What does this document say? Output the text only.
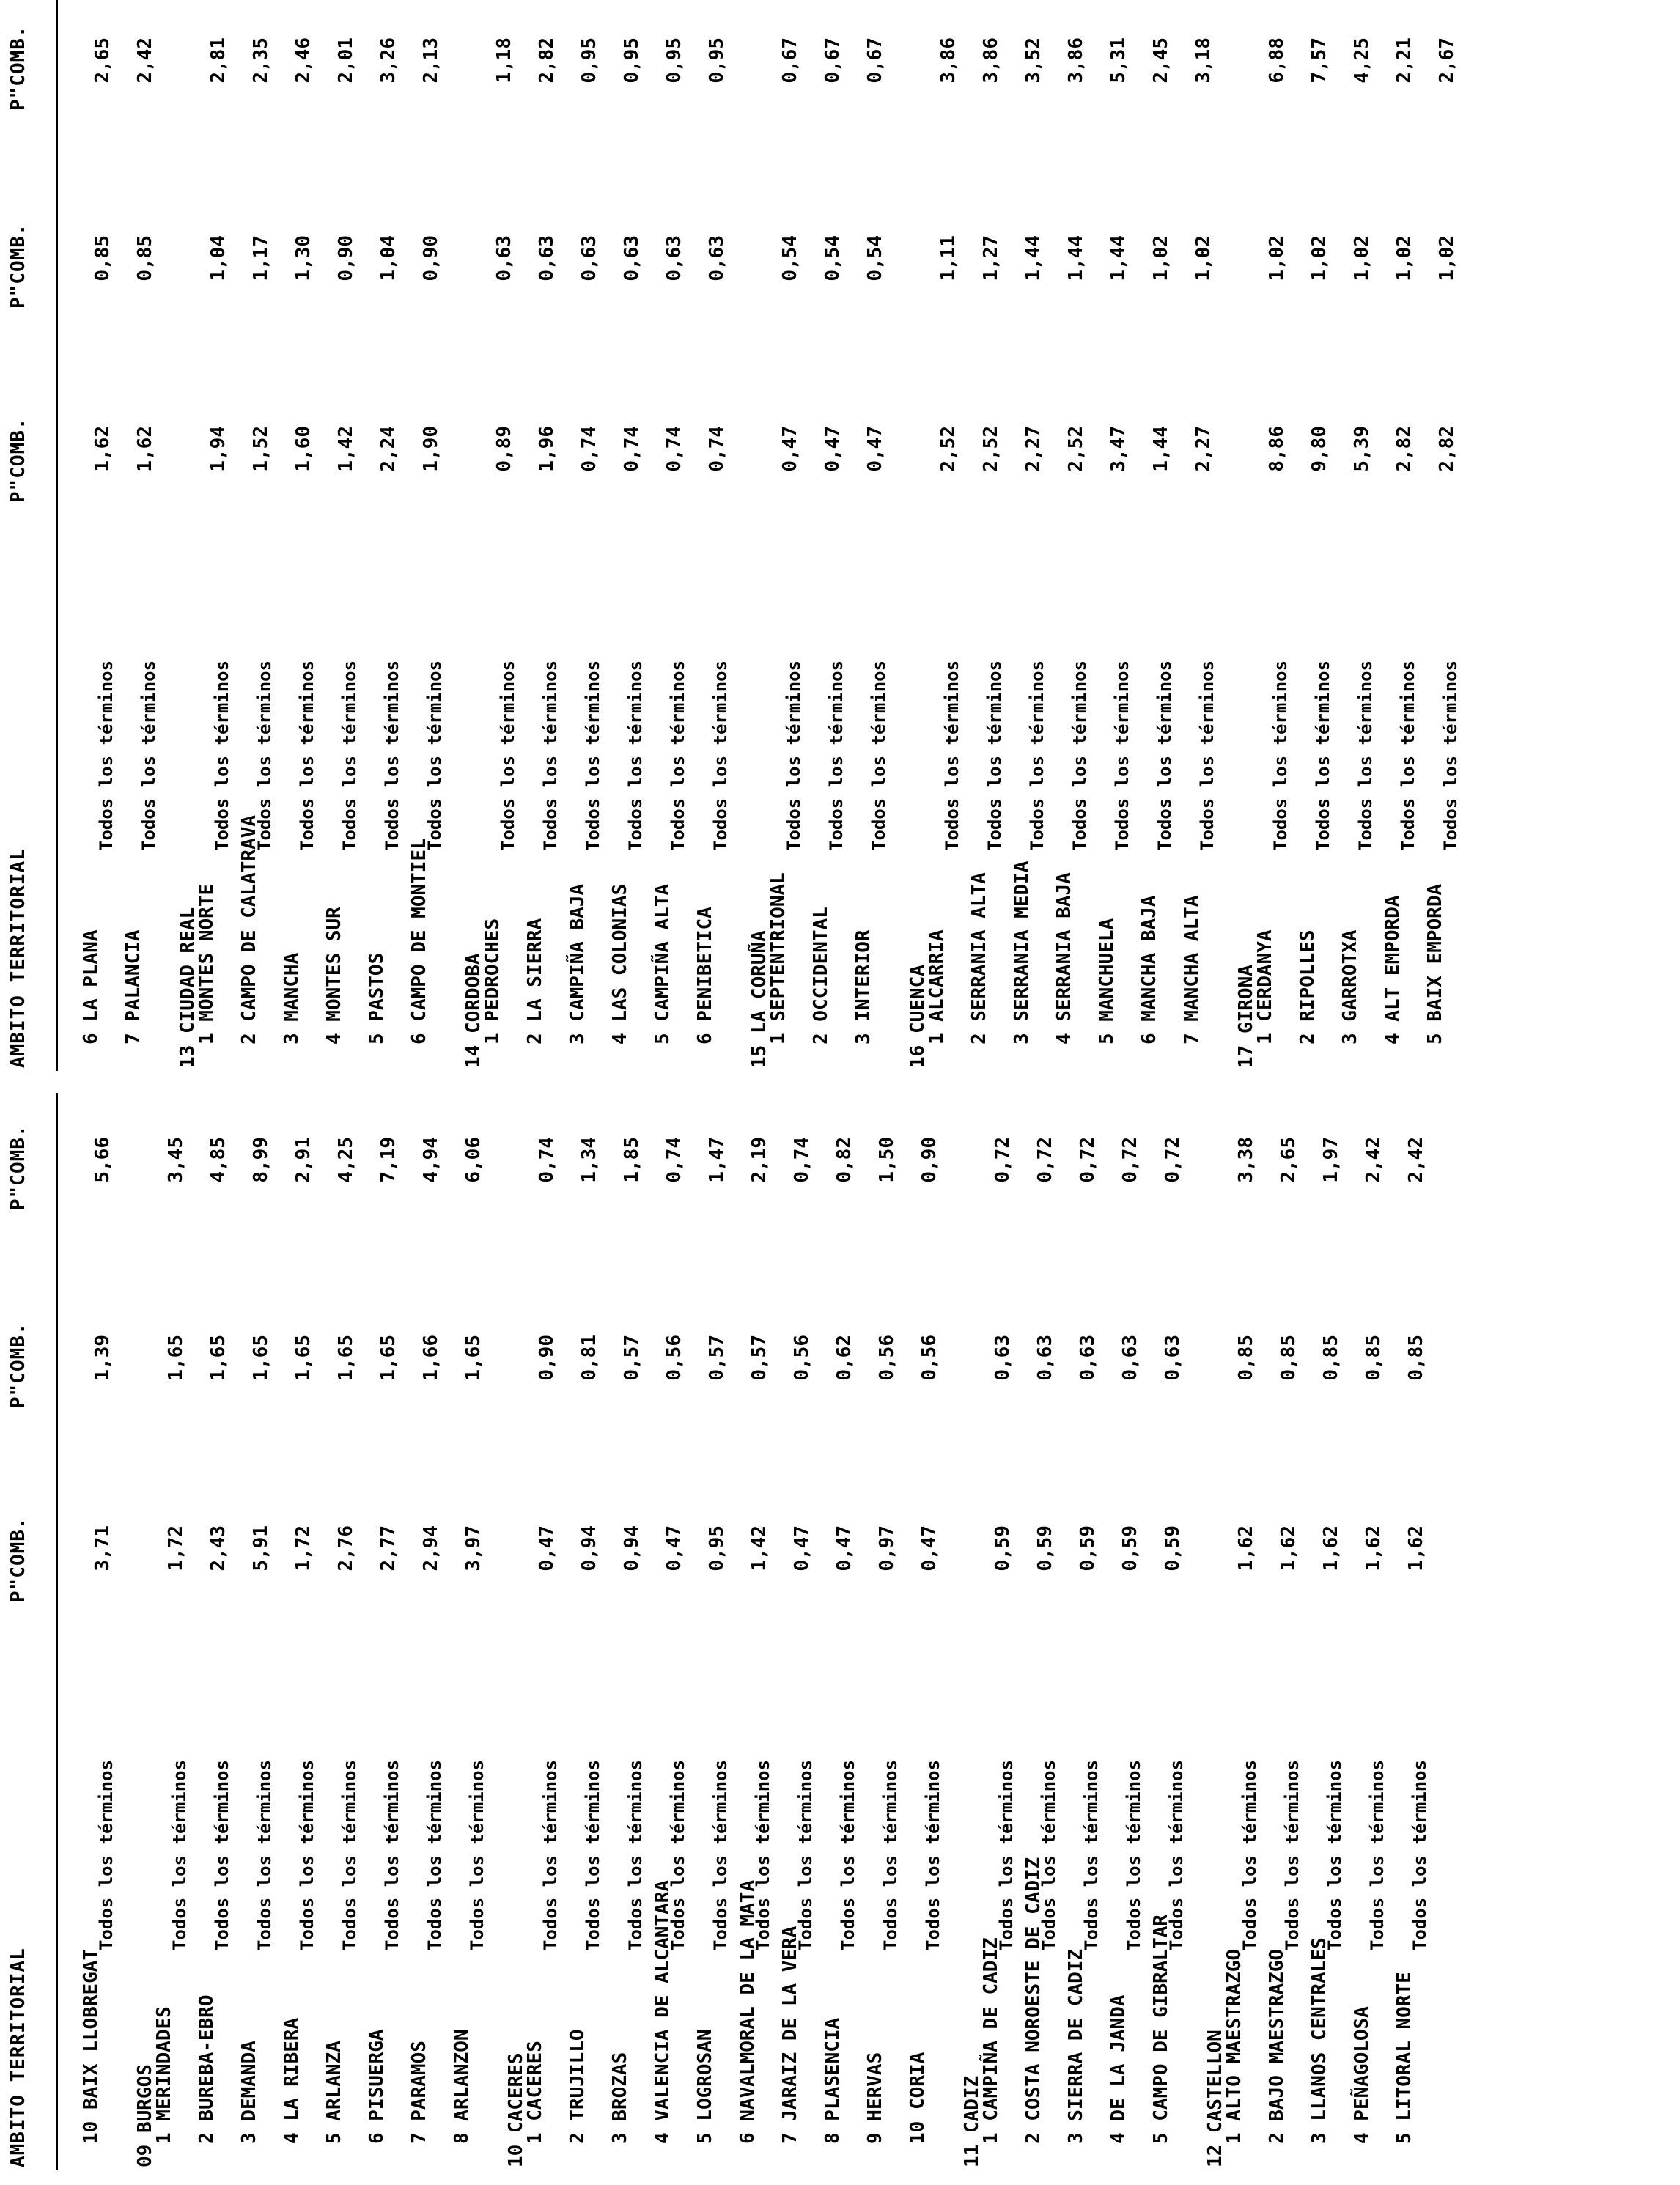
AMBITO TERRITORIAL
P"COMB.
P"COMB.
P"COMB.
AMBITO TERRITORIAL
P"COMB.
P"COMB.
P"COMB.
10 BAIX LLOBREGAT
Todos los términos
3,71
1,39
5,66
09 BURGOS
1 MERINDADES
Todos los términos
1,72
1,65
3,45
2 BUREBA-EBRO
Todos los términos
2,43
1,65
4,85
3 DEMANDA
Todos los términos
5,91
1,65
8,99
4 LA RIBERA
Todos los términos
1,72
1,65
2,91
5 ARLANZA
Todos los términos
2,76
1,65
4,25
6 PISUERGA
Todos los términos
2,77
1,65
7,19
7 PARAMOS
Todos los términos
2,94
1,66
4,94
8 ARLANZON
Todos los términos
3,97
1,65
6,06
10 CACERES
1 CACERES
Todos los términos
0,47
0,90
0,74
2 TRUJILLO
Todos los términos
0,94
0,81
1,34
3 BROZAS
Todos los términos
0,94
0,57
1,85
4 VALENCIA DE ALCANTARA
Todos los términos
0,47
0,56
0,74
5 LOGROSAN
Todos los términos
0,95
0,57
1,47
6 NAVALMORAL DE LA MATA
Todos los términos
1,42
0,57
2,19
7 JARAIZ DE LA VERA
Todos los términos
0,47
0,56
0,74
8 PLASENCIA
Todos los términos
0,47
0,62
0,82
9 HERVAS
Todos los términos
0,97
0,56
1,50
10 CORIA
Todos los términos
0,47
0,56
0,90
11 CADIZ
1 CAMPIÑA DE CADIZ
Todos los términos
0,59
0,63
0,72
2 COSTA NOROESTE DE CADIZ
Todos los términos
0,59
0,63
0,72
3 SIERRA DE CADIZ
Todos los términos
0,59
0,63
0,72
4 DE LA JANDA
Todos los términos
0,59
0,63
0,72
5 CAMPO DE GIBRALTAR
Todos los términos
0,59
0,63
0,72
12 CASTELLON
1 ALTO MAESTRAZGO
Todos los términos
1,62
0,85
3,38
2 BAJO MAESTRAZGO
Todos los términos
1,62
0,85
2,65
3 LLANOS CENTRALES
Todos los términos
1,62
0,85
1,97
4 PEÑAGOLOSA
Todos los términos
1,62
0,85
2,42
5 LITORAL NORTE
Todos los términos
1,62
0,85
2,42
6 LA PLANA
Todos los términos
1,62
0,85
2,65
7 PALANCIA
Todos los términos
1,62
0,85
2,42
13 CIUDAD REAL
1 MONTES NORTE
Todos los términos
1,94
1,04
2,81
2 CAMPO DE CALATRAVA
Todos los términos
1,52
1,17
2,35
3 MANCHA
Todos los términos
1,60
1,30
2,46
4 MONTES SUR
Todos los términos
1,42
0,90
2,01
5 PASTOS
Todos los términos
2,24
1,04
3,26
6 CAMPO DE MONTIEL
Todos los términos
1,90
0,90
2,13
14 CORDOBA
1 PEDROCHES
Todos los términos
0,89
0,63
1,18
2 LA SIERRA
Todos los términos
1,96
0,63
2,82
3 CAMPIÑA BAJA
Todos los términos
0,74
0,63
0,95
4 LAS COLONIAS
Todos los términos
0,74
0,63
0,95
5 CAMPIÑA ALTA
Todos los términos
0,74
0,63
0,95
6 PENIBETICA
Todos los términos
0,74
0,63
0,95
15 LA CORUÑA
1 SEPTENTRIONAL
Todos los términos
0,47
0,54
0,67
2 OCCIDENTAL
Todos los términos
0,47
0,54
0,67
3 INTERIOR
Todos los términos
0,47
0,54
0,67
16 CUENCA
1 ALCARRIA
Todos los términos
2,52
1,11
3,86
2 SERRANIA ALTA
Todos los términos
2,52
1,27
3,86
3 SERRANIA MEDIA
Todos los términos
2,27
1,44
3,52
4 SERRANIA BAJA
Todos los términos
2,52
1,44
3,86
5 MANCHUELA
Todos los términos
3,47
1,44
5,31
6 MANCHA BAJA
Todos los términos
1,44
1,02
2,45
7 MANCHA ALTA
Todos los términos
2,27
1,02
3,18
17 GIRONA
1 CERDANYA
Todos los términos
8,86
1,02
6,88
2 RIPOLLES
Todos los términos
9,80
1,02
7,57
3 GARROTXA
Todos los términos
5,39
1,02
4,25
4 ALT EMPORDA
Todos los términos
2,82
1,02
2,21
5 BAIX EMPORDA
Todos los términos
2,82
1,02
2,67
